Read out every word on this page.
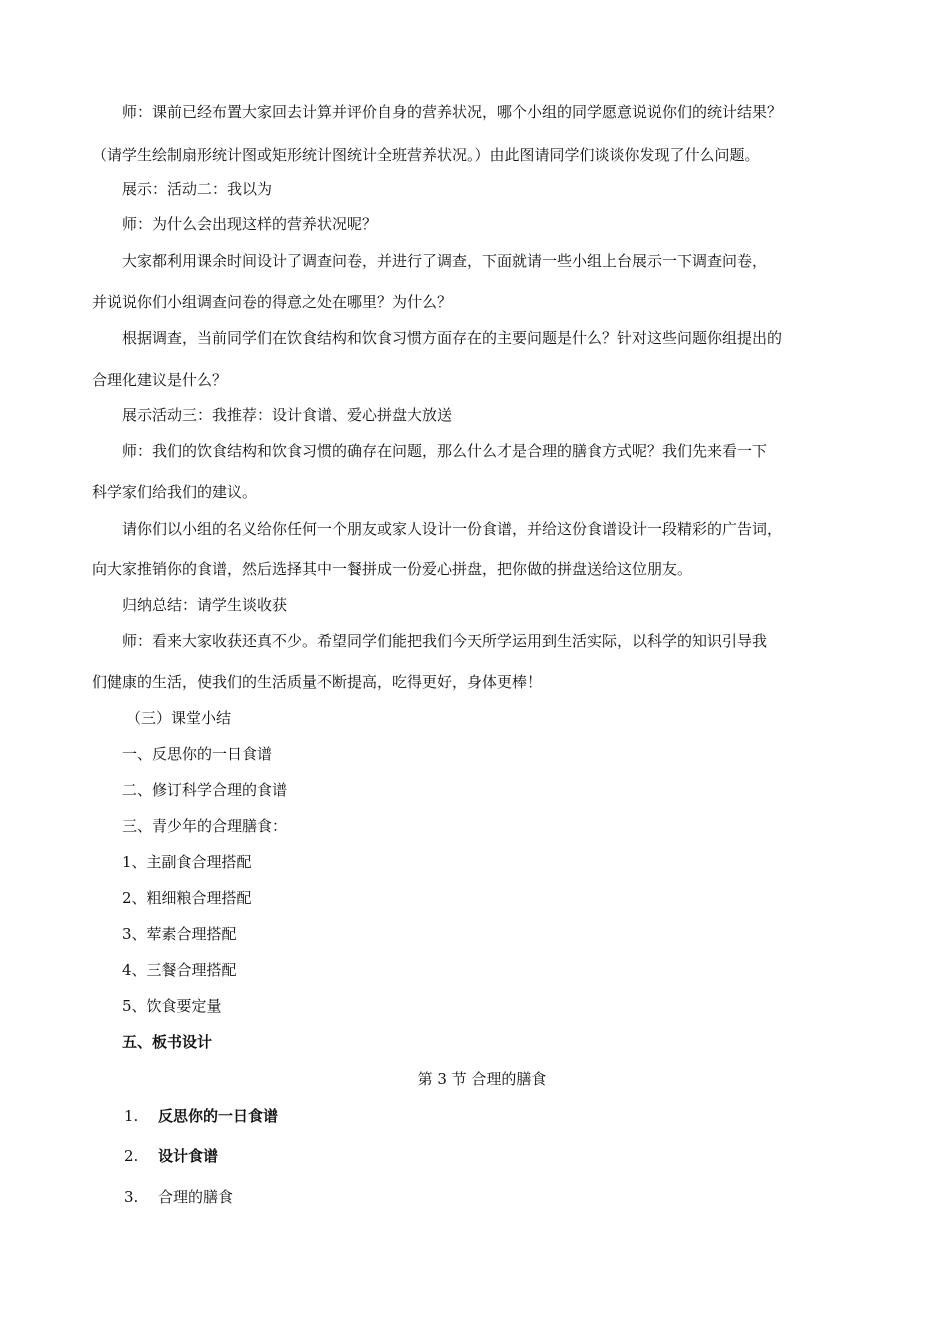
师：课前已经布置大家回去计算并评价自身的营养状况，哪个小组的同学愿意说说你们的统计结果？
（请学生绘制扇形统计图或矩形统计图统计全班营养状况。）由此图请同学们谈谈你发现了什么问题。
展示：活动二：我以为
师：为什么会出现这样的营养状况呢？
大家都利用课余时间设计了调查问卷，并进行了调查，下面就请一些小组上台展示一下调查问卷，
并说说你们小组调查问卷的得意之处在哪里？为什么？
根据调查，当前同学们在饮食结构和饮食习惯方面存在的主要问题是什么？针对这些问题你组提出的
合理化建议是什么？
展示活动三：我推荐：设计食谱、爱心拼盘大放送
师：我们的饮食结构和饮食习惯的确存在问题，那么什么才是合理的膳食方式呢？我们先来看一下
科学家们给我们的建议。
请你们以小组的名义给你任何一个朋友或家人设计一份食谱，并给这份食谱设计一段精彩的广告词，
向大家推销你的食谱，然后选择其中一餐拼成一份爱心拼盘，把你做的拼盘送给这位朋友。
归纳总结：请学生谈收获
师：看来大家收获还真不少。希望同学们能把我们今天所学运用到生活实际，以科学的知识引导我
们健康的生活，使我们的生活质量不断提高，吃得更好，身体更棒！
（三）课堂小结
一、反思你的一日食谱
二、修订科学合理的食谱
三、青少年的合理膳食：
1、主副食合理搭配
2、粗细粮合理搭配
3、荤素合理搭配
4、三餐合理搭配
5、饮食要定量
五、板书设计
第 3 节 合理的膳食
1. 反思你的一日食谱
2. 设计食谱
3. 合理的膳食
